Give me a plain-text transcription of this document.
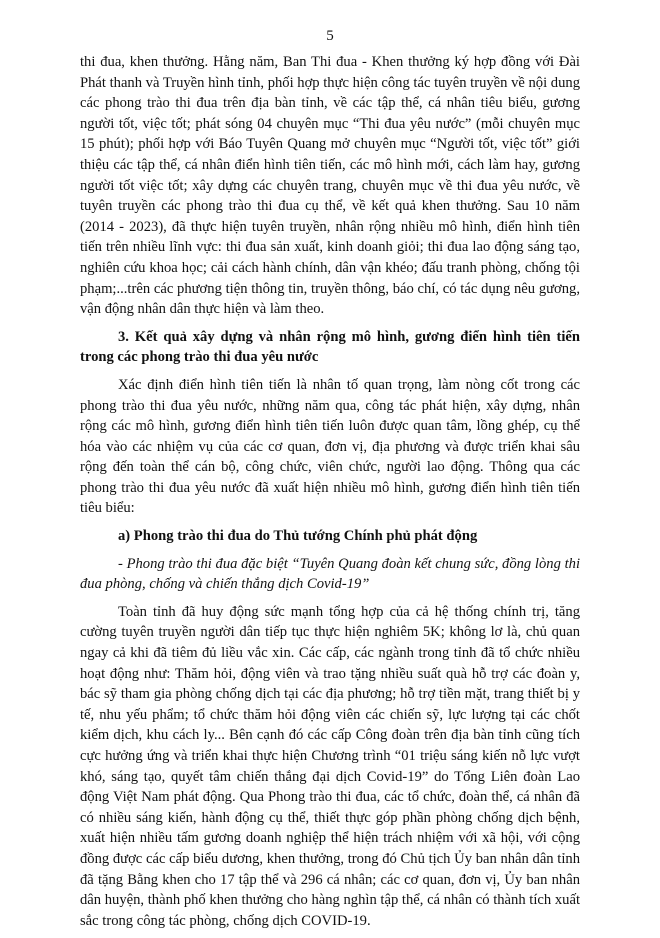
5

thi đua, khen thưởng. Hằng năm, Ban Thi đua - Khen thưởng ký hợp đồng với Đài Phát thanh và Truyền hình tỉnh, phối hợp thực hiện công tác tuyên truyền về nội dung các phong trào thi đua trên địa bàn tỉnh, về các tập thể, cá nhân tiêu biểu, gương người tốt, việc tốt; phát sóng 04 chuyên mục “Thi đua yêu nước” (mỗi chuyên mục 15 phút); phối hợp với Báo Tuyên Quang mở chuyên mục “Người tốt, việc tốt” giới thiệu các tập thể, cá nhân điển hình tiên tiến, các mô hình mới, cách làm hay, gương người tốt việc tốt; xây dựng các chuyên trang, chuyên mục về thi đua yêu nước, về tuyên truyền các phong trào thi đua cụ thể, về kết quả khen thưởng. Sau 10 năm (2014 - 2023), đã thực hiện tuyên truyền, nhân rộng nhiều mô hình, điển hình tiên tiến trên nhiều lĩnh vực: thi đua sản xuất, kinh doanh giỏi; thi đua lao động sáng tạo, nghiên cứu khoa học; cải cách hành chính, dân vận khéo; đấu tranh phòng, chống tội phạm;...trên các phương tiện thông tin, truyền thông, báo chí, có tác dụng nêu gương, vận động nhân dân thực hiện và làm theo.

3. Kết quả xây dựng và nhân rộng mô hình, gương điển hình tiên tiến trong các phong trào thi đua yêu nước

Xác định điển hình tiên tiến là nhân tố quan trọng, làm nòng cốt trong các phong trào thi đua yêu nước, những năm qua, công tác phát hiện, xây dựng, nhân rộng các mô hình, gương điển hình tiên tiến luôn được quan tâm, lồng ghép, cụ thể hóa vào các nhiệm vụ của các cơ quan, đơn vị, địa phương và được triển khai sâu rộng đến toàn thể cán bộ, công chức, viên chức, người lao động. Thông qua các phong trào thi đua yêu nước đã xuất hiện nhiều mô hình, gương điển hình tiên tiến tiêu biểu:

a) Phong trào thi đua do Thủ tướng Chính phủ phát động

- Phong trào thi đua đặc biệt “Tuyên Quang đoàn kết chung sức, đồng lòng thi đua phòng, chống và chiến thắng dịch Covid-19”

Toàn tỉnh đã huy động sức mạnh tổng hợp của cả hệ thống chính trị, tăng cường tuyên truyền người dân tiếp tục thực hiện nghiêm 5K; không lơ là, chủ quan ngay cả khi đã tiêm đủ liều vắc xin. Các cấp, các ngành trong tỉnh đã tổ chức nhiều hoạt động như: Thăm hỏi, động viên và trao tặng nhiều suất quà hỗ trợ các đoàn y, bác sỹ tham gia phòng chống dịch tại các địa phương; hỗ trợ tiền mặt, trang thiết bị y tế, nhu yếu phẩm; tổ chức thăm hỏi động viên các chiến sỹ, lực lượng tại các chốt kiểm dịch, khu cách ly... Bên cạnh đó các cấp Công đoàn trên địa bàn tỉnh cũng tích cực hưởng ứng và triển khai thực hiện Chương trình “01 triệu sáng kiến nỗ lực vượt khó, sáng tạo, quyết tâm chiến thắng đại dịch Covid-19” do Tổng Liên đoàn Lao động Việt Nam phát động. Qua Phong trào thi đua, các tổ chức, đoàn thể, cá nhân đã có nhiều sáng kiến, hành động cụ thể, thiết thực góp phần phòng chống dịch bệnh, xuất hiện nhiều tấm gương doanh nghiệp thể hiện trách nhiệm với xã hội, với cộng đồng được các cấp biểu dương, khen thưởng, trong đó Chủ tịch Ủy ban nhân dân tỉnh đã tặng Bằng khen cho 17 tập thể và 296 cá nhân; các cơ quan, đơn vị, Ủy ban nhân dân huyện, thành phố khen thưởng cho hàng nghìn tập thể, cá nhân có thành tích xuất sắc trong công tác phòng, chống dịch COVID-19.
